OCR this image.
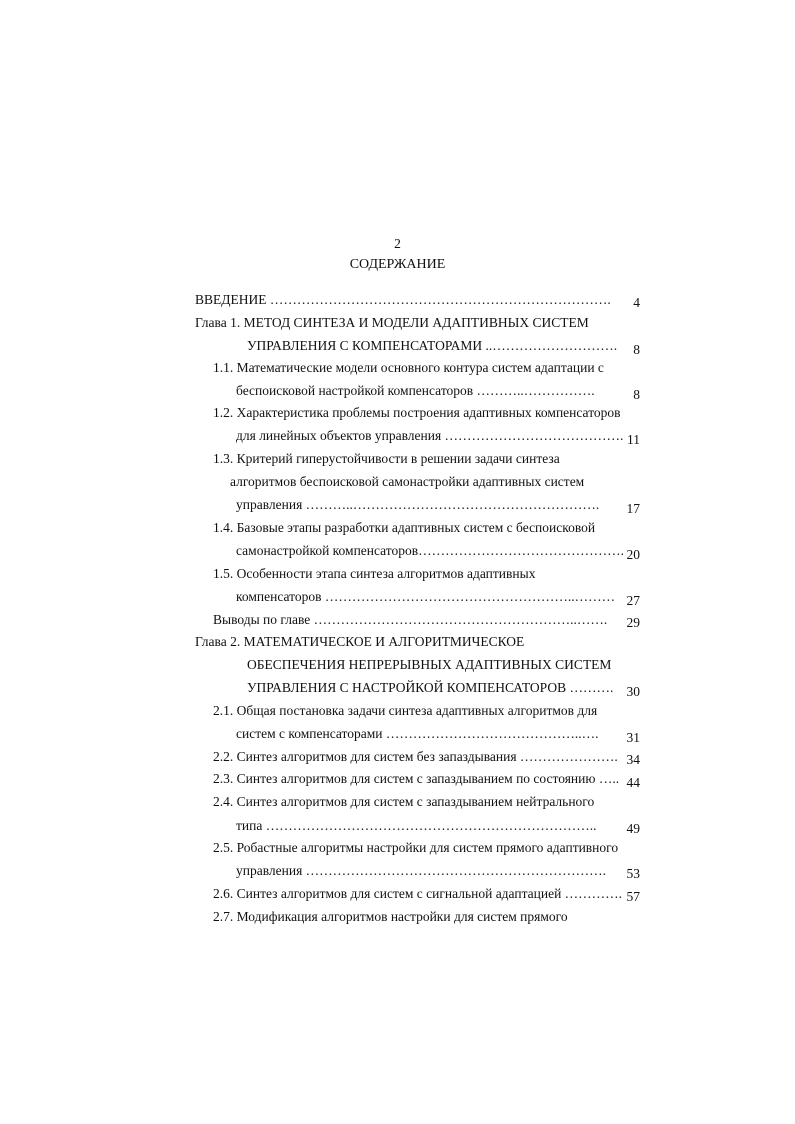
2
СОДЕРЖАНИЕ
ВВЕДЕНИЕ ………………………………………………………………….	4
Глава 1. МЕТОД СИНТЕЗА И МОДЕЛИ АДАПТИВНЫХ СИСТЕМ
УПРАВЛЕНИЯ С КОМПЕНСАТОРАМИ ..……………………….	8
1.1. Математические модели основного контура систем адаптации с
беспоисковой настройкой компенсаторов ………..…………….	8
1.2. Характеристика проблемы построения адаптивных компенсаторов
для линейных объектов управления …………………………………. 11
1.3. Критерий гиперустойчивости в решении задачи синтеза
алгоритмов беспоисковой самонастройки адаптивных систем
управления ………..……………………………………………….	17
1.4. Базовые этапы разработки адаптивных систем с беспоисковой
самонастройкой компенсаторов………………………………………. 20
1.5. Особенности этапа синтеза алгоритмов адаптивных
компенсаторов ………………………………………………..……… 27
Выводы по главе …………………………………………………..…….	29
Глава 2. МАТЕМАТИЧЕСКОЕ И АЛГОРИТМИЧЕСКОЕ
ОБЕСПЕЧЕНИЯ НЕПРЕРЫВНЫХ АДАПТИВНЫХ СИСТЕМ
УПРАВЛЕНИЯ С НАСТРОЙКОЙ КОМПЕНСАТОРОВ ………. 30
2.1. Общая постановка задачи синтеза адаптивных алгоритмов для
систем с компенсаторами ……………………………………..….	31
2.2. Синтез алгоритмов для систем без запаздывания …………………. 34
2.3. Синтез алгоритмов для систем с запаздыванием по состоянию ….. 44
2.4. Синтез алгоритмов для систем с запаздыванием нейтрального
типа ………………………………………………………………..	49
2.5. Робастные алгоритмы настройки для систем прямого адаптивного
управления ………………………………………………………….	53
2.6. Синтез алгоритмов для систем с сигнальной адаптацией …………. 57
2.7. Модификация алгоритмов настройки для систем прямого
